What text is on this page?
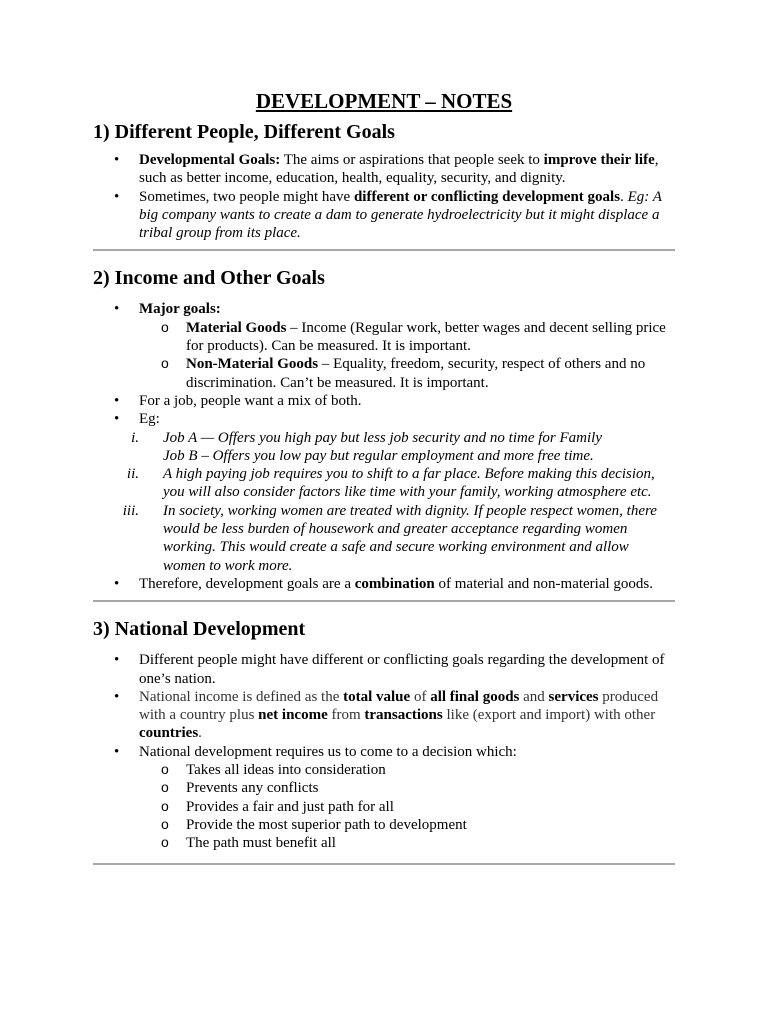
DEVELOPMENT – NOTES
1) Different People, Different Goals
• Developmental Goals: The aims or aspirations that people seek to improve their life, such as better income, education, health, equality, security, and dignity.
• Sometimes, two people might have different or conflicting development goals. Eg: A big company wants to create a dam to generate hydroelectricity but it might displace a tribal group from its place.
2) Income and Other Goals
• Major goals:
o Material Goods – Income (Regular work, better wages and decent selling price for products). Can be measured. It is important.
o Non-Material Goods – Equality, freedom, security, respect of others and no discrimination. Can’t be measured. It is important.
• For a job, people want a mix of both.
• Eg:
i. Job A — Offers you high pay but less job security and no time for Family
Job B – Offers you low pay but regular employment and more free time.
ii. A high paying job requires you to shift to a far place. Before making this decision, you will also consider factors like time with your family, working atmosphere etc.
iii. In society, working women are treated with dignity. If people respect women, there would be less burden of housework and greater acceptance regarding women working. This would create a safe and secure working environment and allow women to work more.
• Therefore, development goals are a combination of material and non-material goods.
3) National Development
• Different people might have different or conflicting goals regarding the development of one’s nation.
• National income is defined as the total value of all final goods and services produced with a country plus net income from transactions like (export and import) with other countries.
• National development requires us to come to a decision which:
o Takes all ideas into consideration
o Prevents any conflicts
o Provides a fair and just path for all
o Provide the most superior path to development
o The path must benefit all
